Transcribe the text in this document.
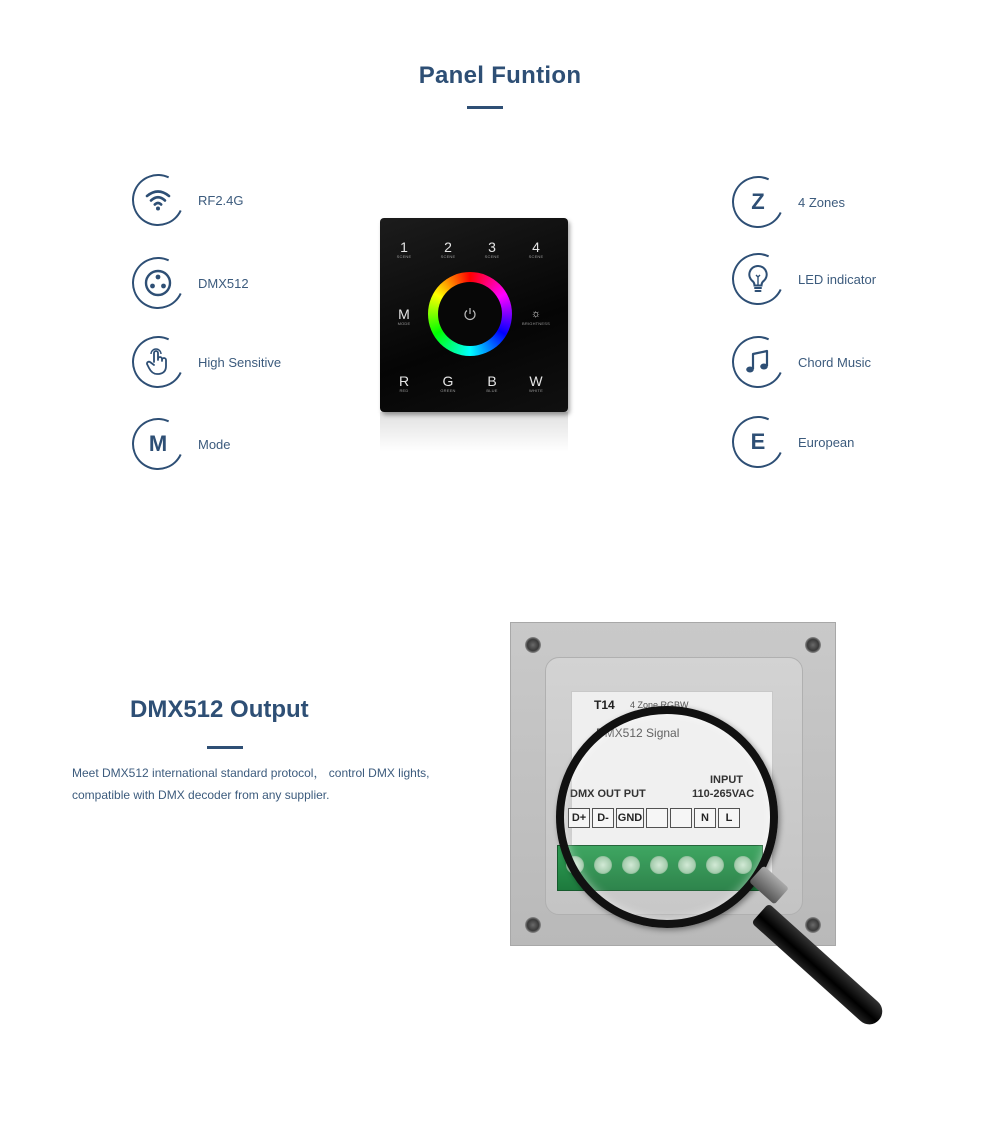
Panel Funtion
RF2.4G
DMX512
High Sensitive
M	Mode
Z	4 Zones
LED indicator
Chord Music
E	European
1
SCENE
2
SCENE
3
SCENE
4
SCENE
M
MODE
☼
BRIGHTNESS
R
RED
G
GREEN
B
BLUE
W
WHITE
DMX512 Output
Meet DMX512 international standard protocol， control DMX lights,
compatible with DMX decoder from any supplier.
T14 4 Zone RGBW
DMX512 Signal
INPUT
110-265VAC
DMX OUT PUT
D+	D- GND	N	L
